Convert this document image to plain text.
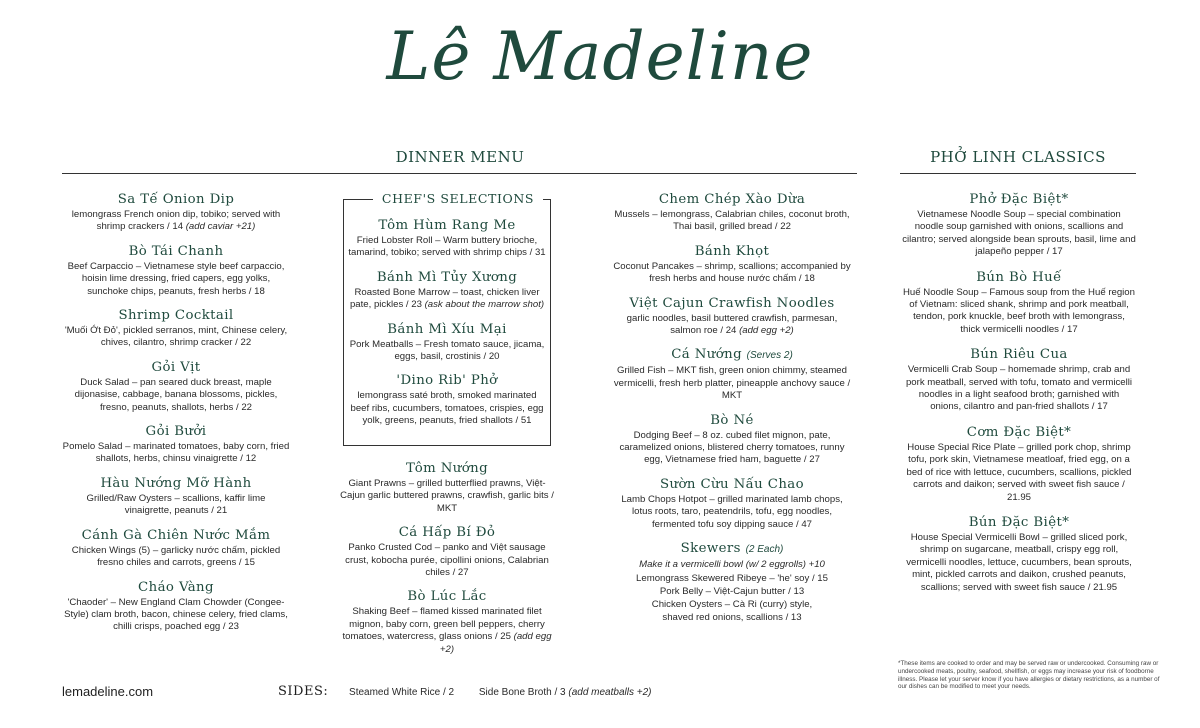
Lê Madeline
DINNER MENU	PHỞ LINH CLASSICS
Sa Tế Onion Dip
lemongrass French onion dip, tobiko; served with shrimp crackers / 14 (add caviar +21)
Bò Tái Chanh
Beef Carpaccio – Vietnamese style beef carpaccio, hoisin lime dressing, fried capers, egg yolks, sunchoke chips, peanuts, fresh herbs / 18
Shrimp Cocktail
'Muối Ớt Đỏ', pickled serranos, mint, Chinese celery, chives, cilantro, shrimp cracker / 22
Gỏi Vịt
Duck Salad – pan seared duck breast, maple dijonasise, cabbage, banana blossoms, pickles, fresno, peanuts, shallots, herbs / 22
Gỏi Bưởi
Pomelo Salad – marinated tomatoes, baby corn, fried shallots, herbs, chinsu vinaigrette / 12
Hàu Nướng Mỡ Hành
Grilled/Raw Oysters – scallions, kaffir lime vinaigrette, peanuts / 21
Cánh Gà Chiên Nước Mắm
Chicken Wings (5) – garlicky nước chấm, pickled fresno chiles and carrots, greens / 15
Cháo Vàng
'Chaoder' – New England Clam Chowder (Congee-Style) clam broth, bacon, chinese celery, fried clams, chilli crisps, poached egg / 23
CHEF'S SELECTIONS
Tôm Hùm Rang Me
Fried Lobster Roll – Warm buttery brioche, tamarind, tobiko; served with shrimp chips / 31
Bánh Mì Tủy Xương
Roasted Bone Marrow – toast, chicken liver pate, pickles / 23 (ask about the marrow shot)
Bánh Mì Xíu Mại
Pork Meatballs – Fresh tomato sauce, jicama, eggs, basil, crostinis / 20
'Dino Rib' Phở
lemongrass saté broth, smoked marinated beef ribs, cucumbers, tomatoes, crispies, egg yolk, greens, peanuts, fried shallots / 51
Tôm Nướng
Giant Prawns – grilled butterflied prawns, Việt-Cajun garlic buttered prawns, crawfish, garlic bits / MKT
Cá Hấp Bí Đỏ
Panko Crusted Cod – panko and Việt sausage crust, kobocha purée, cipollini onions, Calabrian chiles / 27
Bò Lúc Lắc
Shaking Beef – flamed kissed marinated filet mignon, baby corn, green bell peppers, cherry tomatoes, watercress, glass onions / 25 (add egg +2)
Chem Chép Xào Dừa
Mussels – lemongrass, Calabrian chiles, coconut broth, Thai basil, grilled bread / 22
Bánh Khọt
Coconut Pancakes – shrimp, scallions; accompanied by fresh herbs and house nước chấm / 18
Việt Cajun Crawfish Noodles
garlic noodles, basil buttered crawfish, parmesan, salmon roe / 24 (add egg +2)
Cá Nướng (Serves 2)
Grilled Fish – MKT fish, green onion chimmy, steamed vermicelli, fresh herb platter, pineapple anchovy sauce / MKT
Bò Né
Dodging Beef – 8 oz. cubed filet mignon, pate, caramelized onions, blistered cherry tomatoes, runny egg, Vietnamese fried ham, baguette / 27
Sườn Cừu Nấu Chao
Lamb Chops Hotpot – grilled marinated lamb chops, lotus roots, taro, peatendrils, tofu, egg noodles, fermented tofu soy dipping sauce / 47
Skewers (2 Each)
Make it a vermicelli bowl (w/ 2 eggrolls) +10
Lemongrass Skewered Ribeye – 'he' soy / 15
Pork Belly – Việt-Cajun butter / 13
Chicken Oysters – Cà Ri (curry) style,
shaved red onions, scallions / 13
Phở Đặc Biệt*
Vietnamese Noodle Soup – special combination noodle soup garnished with onions, scallions and cilantro; served alongside bean sprouts, basil, lime and jalapeño pepper / 17
Bún Bò Huế
Huế Noodle Soup – Famous soup from the Huế region of Vietnam: sliced shank, shrimp and pork meatball, tendon, pork knuckle, beef broth with lemongrass, thick vermicelli noodles / 17
Bún Riêu Cua
Vermicelli Crab Soup – homemade shrimp, crab and pork meatball, served with tofu, tomato and vermicelli noodles in a light seafood broth; garnished with onions, cilantro and pan-fried shallots / 17
Cơm Đặc Biệt*
House Special Rice Plate – grilled pork chop, shrimp tofu, pork skin, Vietnamese meatloaf, fried egg, on a bed of rice with lettuce, cucumbers, scallions, pickled carrots and daikon; served with sweet fish sauce / 21.95
Bún Đặc Biệt*
House Special Vermicelli Bowl – grilled sliced pork, shrimp on sugarcane, meatball, crispy egg roll, vermicelli noodles, lettuce, cucumbers, bean sprouts, mint, pickled carrots and daikon, crushed peanuts, scallions; served with sweet fish sauce / 21.95
lemadeline.com	SIDES: Steamed White Rice / 2 Side Bone Broth / 3 (add meatballs +2)
*These items are cooked to order and may be served raw or undercooked. Consuming raw or undercooked meats, poultry, seafood, shellfish, or eggs may increase your risk of foodborne illness. Please let your server know if you have allergies or dietary restrictions, as a number of our dishes can be modified to meet your needs.
